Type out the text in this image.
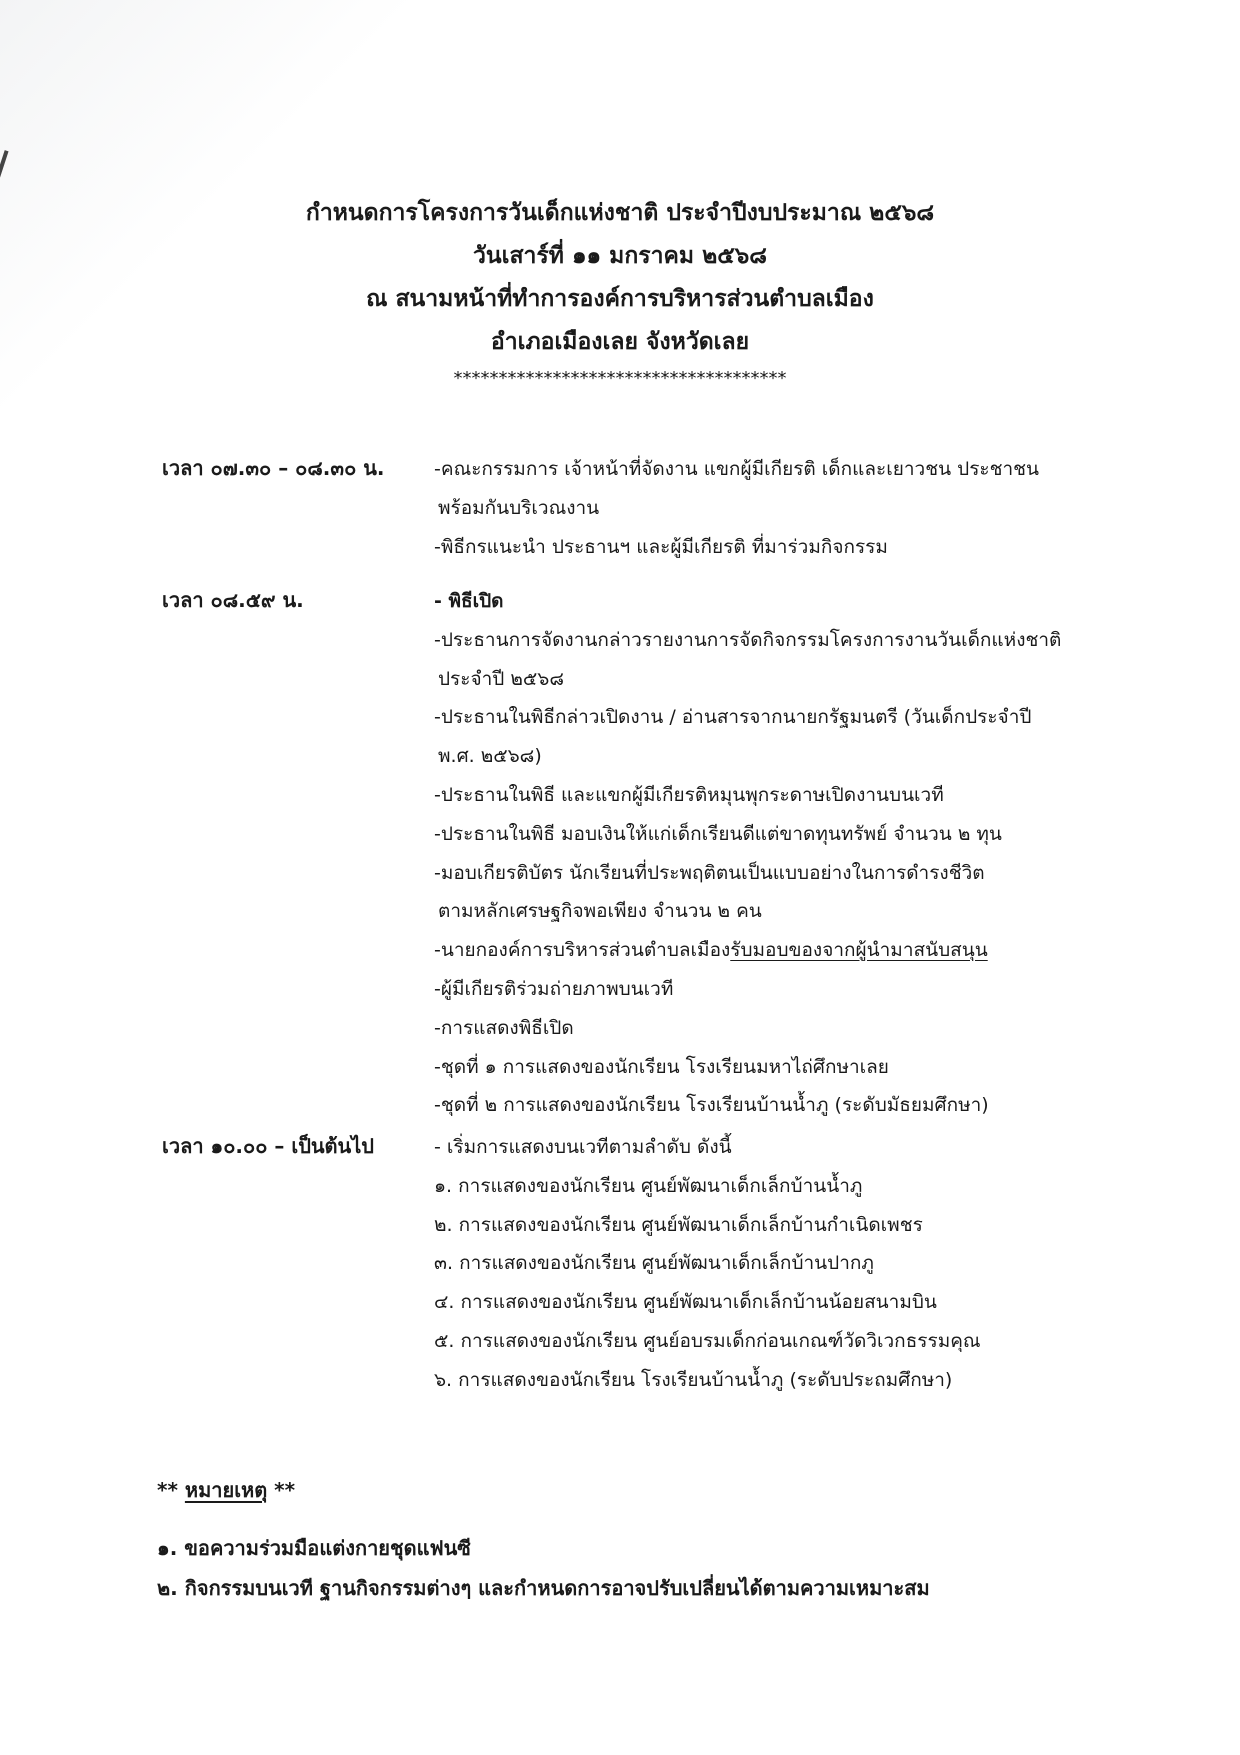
กำหนดการโครงการวันเด็กแห่งชาติ ประจำปีงบประมาณ ๒๕๖๘
วันเสาร์ที่ ๑๑ มกราคม ๒๕๖๘
ณ สนามหน้าที่ทำการองค์การบริหารส่วนตำบลเมือง
อำเภอเมืองเลย จังหวัดเลย
*************************************
เวลา ๐๗.๓๐ – ๐๘.๓๐ น.	-คณะกรรมการ เจ้าหน้าที่จัดงาน แขกผู้มีเกียรติ เด็กและเยาวชน ประชาชน
พร้อมกันบริเวณงาน
-พิธีกรแนะนำ ประธานฯ และผู้มีเกียรติ ที่มาร่วมกิจกรรม
เวลา ๐๘.๕๙ น.	- พิธีเปิด
-ประธานการจัดงานกล่าวรายงานการจัดกิจกรรมโครงการงานวันเด็กแห่งชาติ
ประจำปี ๒๕๖๘
-ประธานในพิธีกล่าวเปิดงาน / อ่านสารจากนายกรัฐมนตรี (วันเด็กประจำปี
พ.ศ. ๒๕๖๘)
-ประธานในพิธี และแขกผู้มีเกียรติหมุนพุกระดาษเปิดงานบนเวที
-ประธานในพิธี มอบเงินให้แก่เด็กเรียนดีแต่ขาดทุนทรัพย์ จำนวน ๒ ทุน
-มอบเกียรติบัตร นักเรียนที่ประพฤติตนเป็นแบบอย่างในการดำรงชีวิต
ตามหลักเศรษฐกิจพอเพียง จำนวน ๒ คน
-นายกองค์การบริหารส่วนตำบลเมืองรับมอบของจากผู้นำมาสนับสนุน
-ผู้มีเกียรติร่วมถ่ายภาพบนเวที
-การแสดงพิธีเปิด
-ชุดที่ ๑ การแสดงของนักเรียน โรงเรียนมหาไถ่ศึกษาเลย
-ชุดที่ ๒ การแสดงของนักเรียน โรงเรียนบ้านน้ำภู (ระดับมัธยมศึกษา)
เวลา ๑๐.๐๐ – เป็นต้นไป	- เริ่มการแสดงบนเวทีตามลำดับ ดังนี้
๑. การแสดงของนักเรียน ศูนย์พัฒนาเด็กเล็กบ้านน้ำภู
๒. การแสดงของนักเรียน ศูนย์พัฒนาเด็กเล็กบ้านกำเนิดเพชร
๓. การแสดงของนักเรียน ศูนย์พัฒนาเด็กเล็กบ้านปากภู
๔. การแสดงของนักเรียน ศูนย์พัฒนาเด็กเล็กบ้านน้อยสนามบิน
๕. การแสดงของนักเรียน ศูนย์อบรมเด็กก่อนเกณฑ์วัดวิเวกธรรมคุณ
๖. การแสดงของนักเรียน โรงเรียนบ้านน้ำภู (ระดับประถมศึกษา)
** หมายเหตุ **
๑. ขอความร่วมมือแต่งกายชุดแฟนซี
๒. กิจกรรมบนเวที ฐานกิจกรรมต่างๆ และกำหนดการอาจปรับเปลี่ยนได้ตามความเหมาะสม
